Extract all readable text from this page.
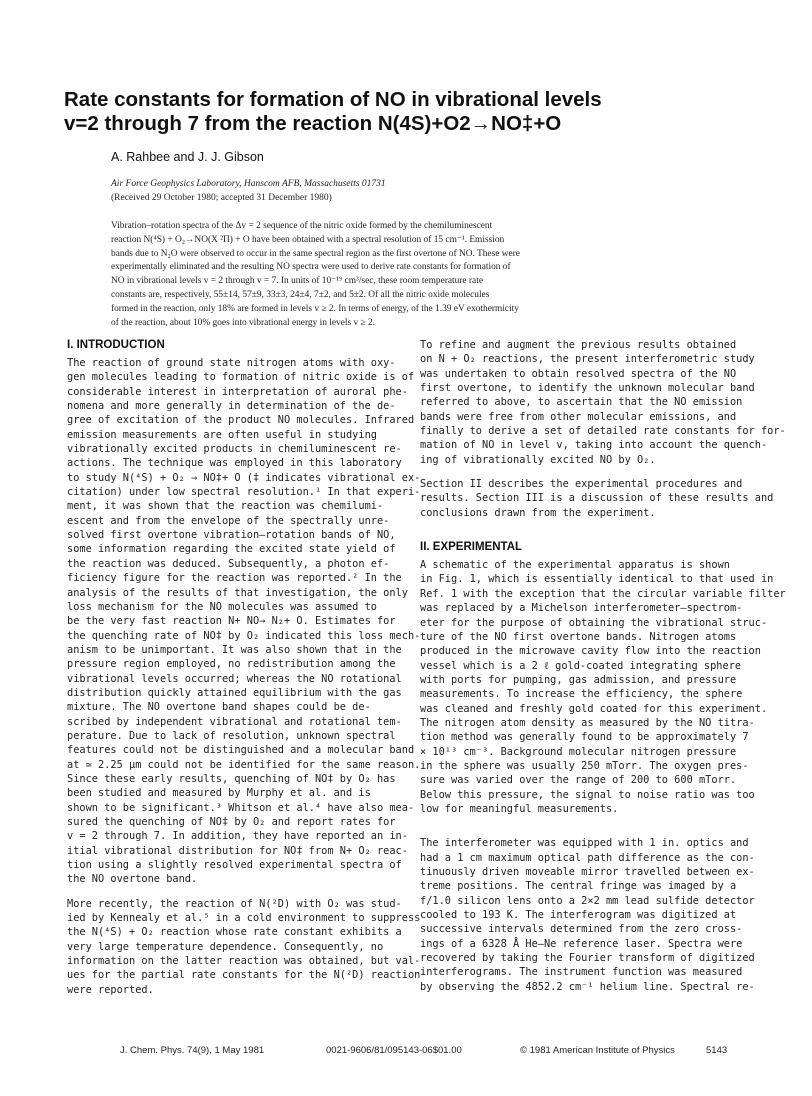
Rate constants for formation of NO in vibrational levels
v=2 through 7 from the reaction N(4S)+O2→NO‡+O
A. Rahbee and J. J. Gibson
Air Force Geophysics Laboratory, Hanscom AFB, Massachusetts 01731
(Received 29 October 1980; accepted 31 December 1980)
Vibration–rotation spectra of the Δv = 2 sequence of the nitric oxide formed by the chemiluminescent
reaction N(⁴S) + O₂→NO(X ²Π) + O have been obtained with a spectral resolution of 15 cm⁻¹. Emission
bands due to N₂O were observed to occur in the same spectral region as the first overtone of NO. These were
experimentally eliminated and the resulting NO spectra were used to derive rate constants for formation of
NO in vibrational levels v = 2 through v = 7. In units of 10⁻¹⁹ cm³/sec, these room temperature rate
constants are, respectively, 55±14, 57±9, 33±3, 24±4, 7±2, and 5±2. Of all the nitric oxide molecules
formed in the reaction, only 18% are formed in levels v ≥ 2. In terms of energy, of the 1.39 eV exothermicity
of the reaction, about 10% goes into vibrational energy in levels v ≥ 2.
I. INTRODUCTION
The reaction of ground state nitrogen atoms with oxy-
gen molecules leading to formation of nitric oxide is of
considerable interest in interpretation of auroral phe-
nomena and more generally in determination of the de-
gree of excitation of the product NO molecules. Infrared
emission measurements are often useful in studying
vibrationally excited products in chemiluminescent re-
actions. The technique was employed in this laboratory
to study N(⁴S) + O₂ → NO‡+ O (‡ indicates vibrational ex-
citation) under low spectral resolution.¹ In that experi-
ment, it was shown that the reaction was chemilumi-
escent and from the envelope of the spectrally unre-
solved first overtone vibration–rotation bands of NO,
some information regarding the excited state yield of
the reaction was deduced. Subsequently, a photon ef-
ficiency figure for the reaction was reported.² In the
analysis of the results of that investigation, the only
loss mechanism for the NO molecules was assumed to
be the very fast reaction N+ NO→ N₂+ O. Estimates for
the quenching rate of NO‡ by O₂ indicated this loss mech-
anism to be unimportant. It was also shown that in the
pressure region employed, no redistribution among the
vibrational levels occurred; whereas the NO rotational
distribution quickly attained equilibrium with the gas
mixture. The NO overtone band shapes could be de-
scribed by independent vibrational and rotational tem-
perature. Due to lack of resolution, unknown spectral
features could not be distinguished and a molecular band
at ≃ 2.25 μm could not be identified for the same reason.
Since these early results, quenching of NO‡ by O₂ has
been studied and measured by Murphy et al. and is
shown to be significant.³ Whitson et al.⁴ have also mea-
sured the quenching of NO‡ by O₂ and report rates for
v = 2 through 7. In addition, they have reported an in-
itial vibrational distribution for NO‡ from N+ O₂ reac-
tion using a slightly resolved experimental spectra of
the NO overtone band.
More recently, the reaction of N(²D) with O₂ was stud-
ied by Kennealy et al.⁵ in a cold environment to suppress
the N(⁴S) + O₂ reaction whose rate constant exhibits a
very large temperature dependence. Consequently, no
information on the latter reaction was obtained, but val-
ues for the partial rate constants for the N(²D) reaction
were reported.
To refine and augment the previous results obtained
on N + O₂ reactions, the present interferometric study
was undertaken to obtain resolved spectra of the NO
first overtone, to identify the unknown molecular band
referred to above, to ascertain that the NO emission
bands were free from other molecular emissions, and
finally to derive a set of detailed rate constants for for-
mation of NO in level v, taking into account the quench-
ing of vibrationally excited NO by O₂.
Section II describes the experimental procedures and
results. Section III is a discussion of these results and
conclusions drawn from the experiment.
II. EXPERIMENTAL
A schematic of the experimental apparatus is shown
in Fig. 1, which is essentially identical to that used in
Ref. 1 with the exception that the circular variable filter
was replaced by a Michelson interferometer–spectrom-
eter for the purpose of obtaining the vibrational struc-
ture of the NO first overtone bands. Nitrogen atoms
produced in the microwave cavity flow into the reaction
vessel which is a 2 ℓ gold-coated integrating sphere
with ports for pumping, gas admission, and pressure
measurements. To increase the efficiency, the sphere
was cleaned and freshly gold coated for this experiment.
The nitrogen atom density as measured by the NO titra-
tion method was generally found to be approximately 7
× 10¹³ cm⁻³. Background molecular nitrogen pressure
in the sphere was usually 250 mTorr. The oxygen pres-
sure was varied over the range of 200 to 600 mTorr.
Below this pressure, the signal to noise ratio was too
low for meaningful measurements.
The interferometer was equipped with 1 in. optics and
had a 1 cm maximum optical path difference as the con-
tinuously driven moveable mirror travelled between ex-
treme positions. The central fringe was imaged by a
f/1.0 silicon lens onto a 2×2 mm lead sulfide detector
cooled to 193 K. The interferogram was digitized at
successive intervals determined from the zero cross-
ings of a 6328 Å He–Ne reference laser. Spectra were
recovered by taking the Fourier transform of digitized
interferograms. The instrument function was measured
by observing the 4852.2 cm⁻¹ helium line. Spectral re-
J. Chem. Phys. 74(9), 1 May 1981	0021-9606/81/095143-06$01.00	© 1981 American Institute of Physics	5143
